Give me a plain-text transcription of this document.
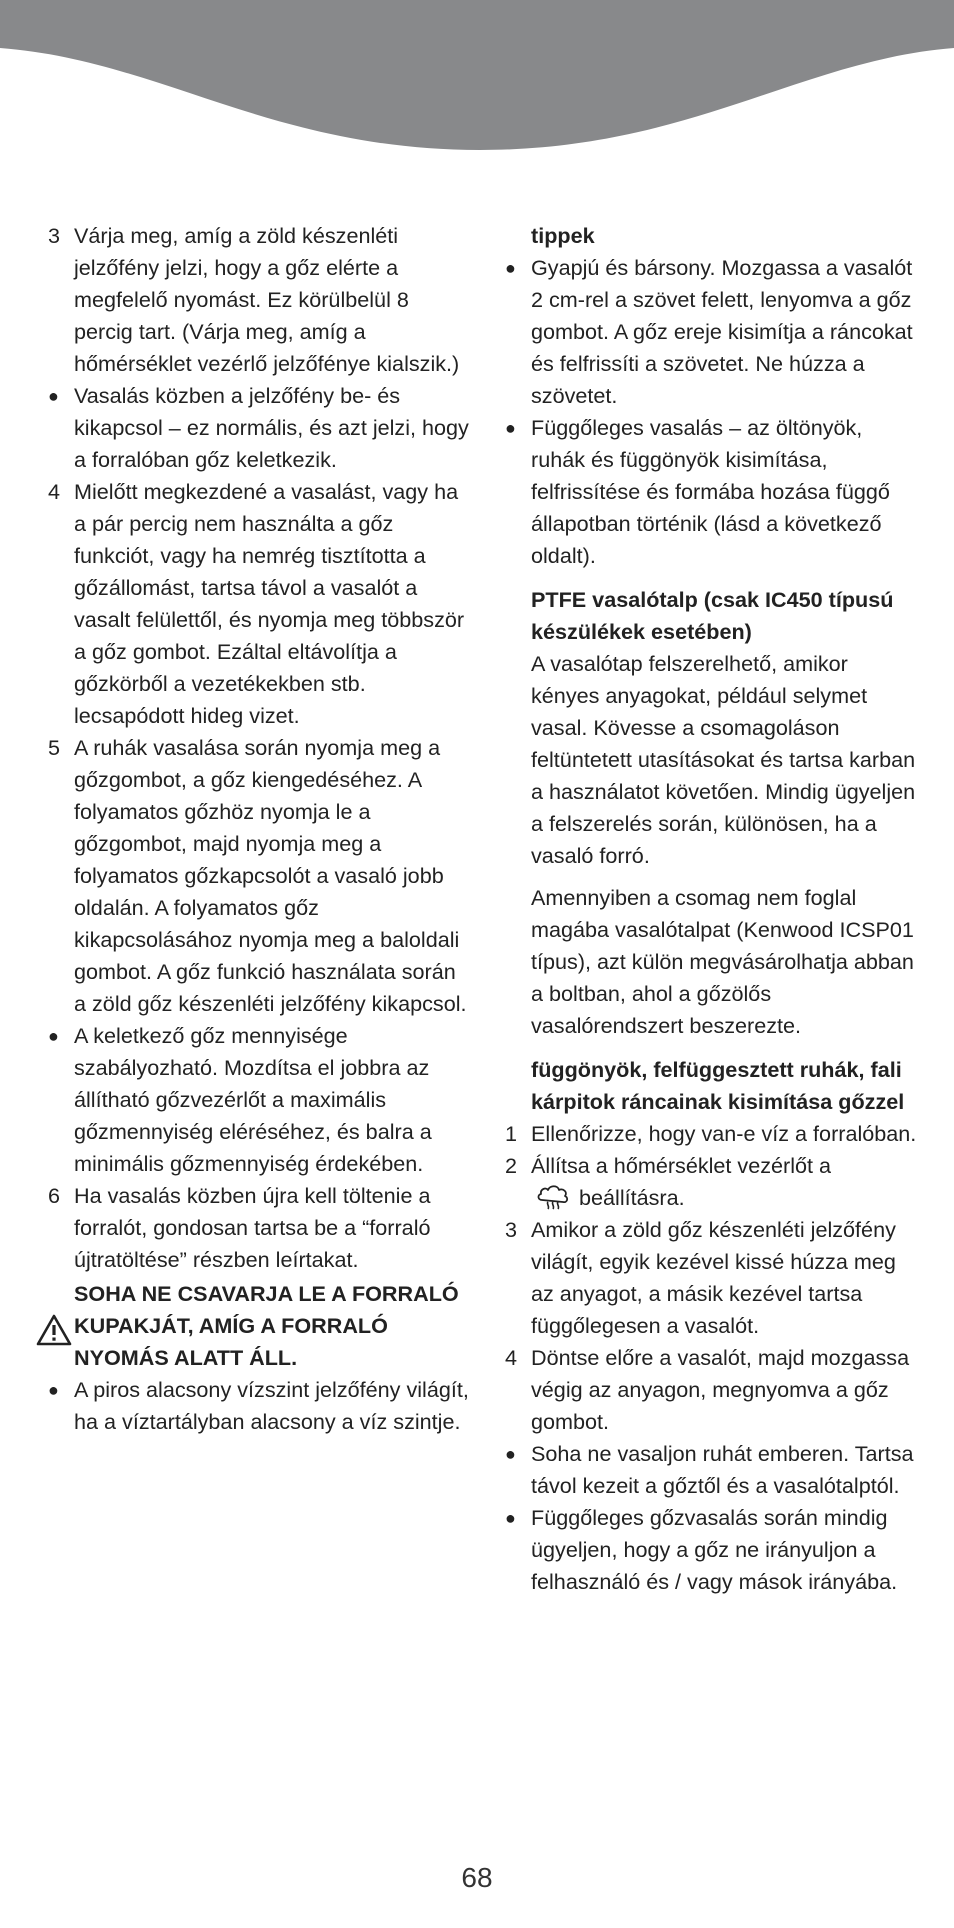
3 Várja meg, amíg a zöld készenléti jelzőfény jelzi, hogy a gőz elérte a megfelelő nyomást. Ez körülbelül 8 percig tart. (Várja meg, amíg a hőmérséklet vezérlő jelzőfénye kialszik.)
● Vasalás közben a jelzőfény be- és kikapcsol – ez normális, és azt jelzi, hogy a forralóban gőz keletkezik.
4 Mielőtt megkezdené a vasalást, vagy ha a pár percig nem használta a gőz funkciót, vagy ha nemrég tisztította a gőzállomást, tartsa távol a vasalót a vasalt felülettől, és nyomja meg többször a gőz gombot. Ezáltal eltávolítja a gőzkörből a vezetékekben stb. lecsapódott hideg vizet.
5 A ruhák vasalása során nyomja meg a gőzgombot, a gőz kiengedéséhez. A folyamatos gőzhöz nyomja le a gőzgombot, majd nyomja meg a folyamatos gőzkapcsolót a vasaló jobb oldalán. A folyamatos gőz kikapcsolásához nyomja meg a baloldali gombot. A gőz funkció használata során a zöld gőz készenléti jelzőfény kikapcsol.
● A keletkező gőz mennyisége szabályozható. Mozdítsa el jobbra az állítható gőzvezérlőt a maximális gőzmennyiség eléréséhez, és balra a minimális gőzmennyiség érdekében.
6 Ha vasalás közben újra kell töltenie a forralót, gondosan tartsa be a “forraló újtratöltése” részben leírtakat.
SOHA NE CSAVARJA LE A FORRALÓ KUPAKJÁT, AMÍG A FORRALÓ NYOMÁS ALATT ÁLL.
● A piros alacsony vízszint jelzőfény világít, ha a víztartályban alacsony a víz szintje.
tippek
● Gyapjú és bársony. Mozgassa a vasalót 2 cm-rel a szövet felett, lenyomva a gőz gombot. A gőz ereje kisimítja a ráncokat és felfrissíti a szövetet. Ne húzza a szövetet.
● Függőleges vasalás – az öltönyök, ruhák és függönyök kisimítása, felfrissítése és formába hozása függő állapotban történik (lásd a következő oldalt).
PTFE vasalótalp (csak IC450 típusú készülékek esetében)
A vasalótap felszerelhető, amikor kényes anyagokat, például selymet vasal. Kövesse a csomagoláson feltüntetett utasításokat és tartsa karban a használatot követően. Mindig ügyeljen a felszerelés során, különösen, ha a vasaló forró.
Amennyiben a csomag nem foglal magába vasalótalpat (Kenwood ICSP01 típus), azt külön megvásárolhatja abban a boltban, ahol a gőzölős vasalórendszert beszerezte.
függönyök, felfüggesztett ruhák, fali kárpitok ráncainak kisimítása gőzzel
1 Ellenőrizze, hogy van-e víz a forralóban.
2 Állítsa a hőmérséklet vezérlőt a
beállításra.
3 Amikor a zöld gőz készenléti jelzőfény világít, egyik kezével kissé húzza meg az anyagot, a másik kezével tartsa függőlegesen a vasalót.
4 Döntse előre a vasalót, majd mozgassa végig az anyagon, megnyomva a gőz gombot.
● Soha ne vasaljon ruhát emberen. Tartsa távol kezeit a gőztől és a vasalótalptól.
● Függőleges gőzvasalás során mindig ügyeljen, hogy a gőz ne irányuljon a felhasználó és / vagy mások irányába.
68
